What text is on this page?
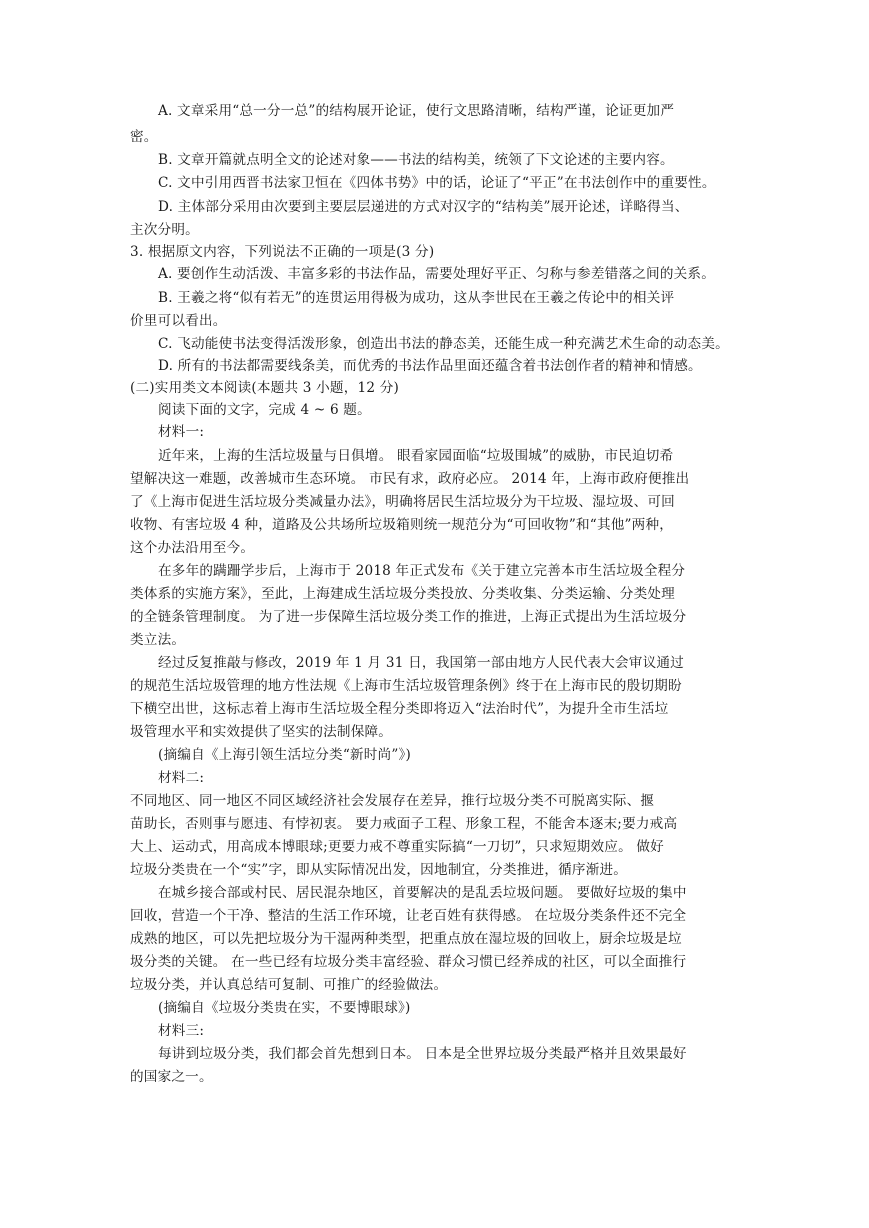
A. 文章采用“总一分一总”的结构展开论证，使行文思路清晰，结构严谨，论证更加严
密。
B. 文章开篇就点明全文的论述对象——书法的结构美，统领了下文论述的主要内容。
C. 文中引用西晋书法家卫恒在《四体书势》中的话，论证了“平正”在书法创作中的重要性。
D. 主体部分采用由次要到主要层层递进的方式对汉字的“结构美”展开论述，详略得当、
主次分明。
3. 根据原文内容，下列说法不正确的一项是(3 分)
A. 要创作生动活泼、丰富多彩的书法作品，需要处理好平正、匀称与参差错落之间的关系。
B. 王羲之将“似有若无”的连贯运用得极为成功，这从李世民在王羲之传论中的相关评
价里可以看出。
C. 飞动能使书法变得活泼形象，创造出书法的静态美，还能生成一种充满艺术生命的动态美。
D. 所有的书法都需要线条美，而优秀的书法作品里面还蕴含着书法创作者的精神和情感。
(二)实用类文本阅读(本题共 3 小题，12 分)
阅读下面的文字，完成 4 ~ 6 题。
材料一:
近年来，上海的生活垃圾量与日俱增。 眼看家园面临“垃圾围城”的威胁，市民迫切希
望解决这一难题，改善城市生态环境。 市民有求，政府必应。 2014 年，上海市政府便推出
了《上海市促进生活垃圾分类减量办法》，明确将居民生活垃圾分为干垃圾、湿垃圾、可回
收物、有害垃圾 4 种，道路及公共场所垃圾箱则统一规范分为“可回收物”和“其他”两种，
这个办法沿用至今。
在多年的蹒跚学步后，上海市于 2018 年正式发布《关于建立完善本市生活垃圾全程分
类体系的实施方案》，至此，上海建成生活垃圾分类投放、分类收集、分类运输、分类处理
的全链条管理制度。 为了进一步保障生活垃圾分类工作的推进，上海正式提出为生活垃圾分
类立法。
经过反复推敲与修改，2019 年 1 月 31 日，我国第一部由地方人民代表大会审议通过
的规范生活垃圾管理的地方性法规《上海市生活垃圾管理条例》终于在上海市民的殷切期盼
下横空出世，这标志着上海市生活垃圾全程分类即将迈入“法治时代”，为提升全市生活垃
圾管理水平和实效提供了坚实的法制保障。
(摘编自《上海引领生活垃分类“新时尚”》)
材料二:
不同地区、同一地区不同区域经济社会发展存在差异，推行垃圾分类不可脱离实际、揠
苗助长，否则事与愿违、有悖初衷。 要力戒面子工程、形象工程，不能舍本逐末;要力戒高
大上、运动式，用高成本博眼球;更要力戒不尊重实际搞“一刀切”，只求短期效应。 做好
垃圾分类贵在一个“实”字，即从实际情况出发，因地制宜，分类推进，循序渐进。
在城乡接合部或村民、居民混杂地区，首要解决的是乱丢垃圾问题。 要做好垃圾的集中
回收，营造一个干净、整洁的生活工作环境，让老百姓有获得感。 在垃圾分类条件还不完全
成熟的地区，可以先把垃圾分为干湿两种类型，把重点放在湿垃圾的回收上，厨余垃圾是垃
圾分类的关键。 在一些已经有垃圾分类丰富经验、群众习惯已经养成的社区，可以全面推行
垃圾分类，并认真总结可复制、可推广的经验做法。
(摘编自《垃圾分类贵在实，不要博眼球》)
材料三:
每讲到垃圾分类，我们都会首先想到日本。 日本是全世界垃圾分类最严格并且效果最好
的国家之一。
